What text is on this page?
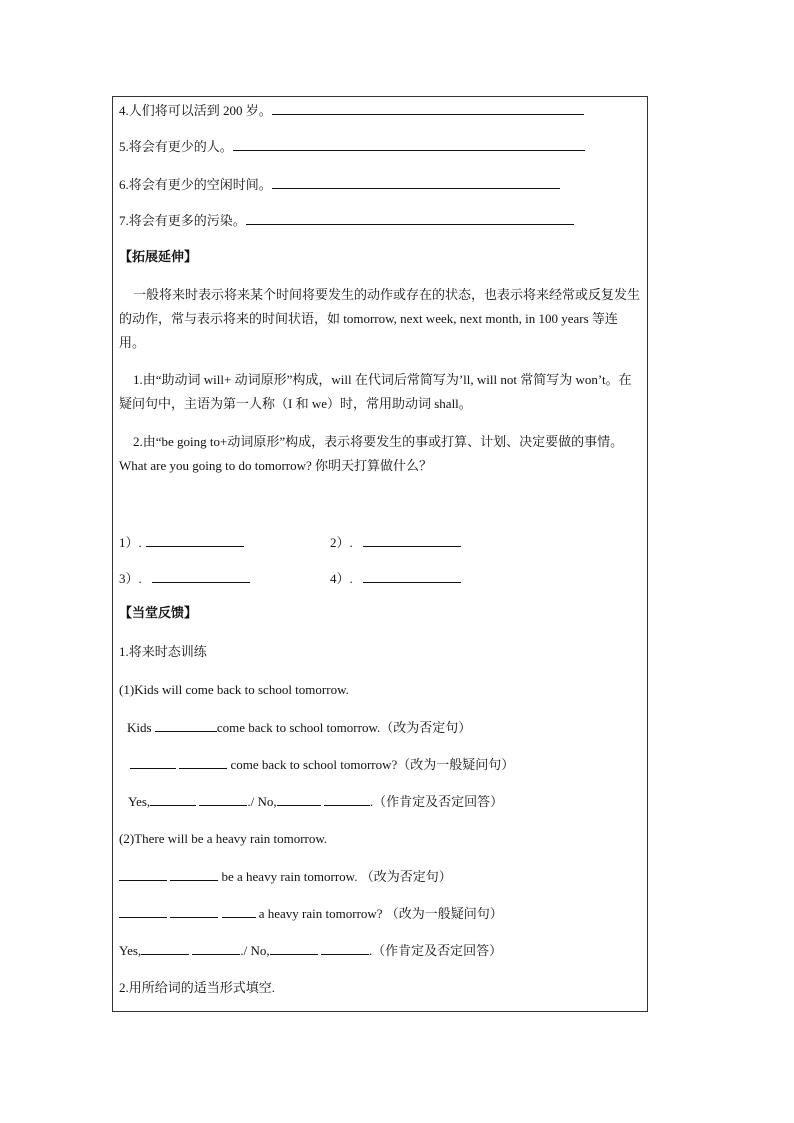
4.人们将可以活到 200 岁。
5.将会有更少的人。
6.将会有更少的空闲时间。
7.将会有更多的污染。
【拓展延伸】
一般将来时表示将来某个时间将要发生的动作或存在的状态，也表示将来经常或反复发生的动作，常与表示将来的时间状语，如 tomorrow, next week, next month, in 100 years 等连用。
1.由“助动词 will+ 动词原形”构成，will 在代词后常简写为’ll, will not 常简写为 won’t。在疑问句中，主语为第一人称（I 和 we）时，常用助动词 shall。
2.由“be going to+动词原形”构成，表示将要发生的事或打算、计划、决定要做的事情。 What are you going to do tomorrow? 你明天打算做什么？
1）.	2）.
3）.	4）.
【当堂反馈】
1.将来时态训练
(1)Kids will come back to school tomorrow.
Kids	come back to school tomorrow.（改为否定句）
come back to school tomorrow?（改为一般疑问句）
Yes,	./ No,	.（作肯定及否定回答）
(2)There will be a heavy rain tomorrow.
be a heavy rain tomorrow. （改为否定句）
a heavy rain tomorrow? （改为一般疑问句）
Yes,	./ No,	.（作肯定及否定回答）
2.用所给词的适当形式填空.
